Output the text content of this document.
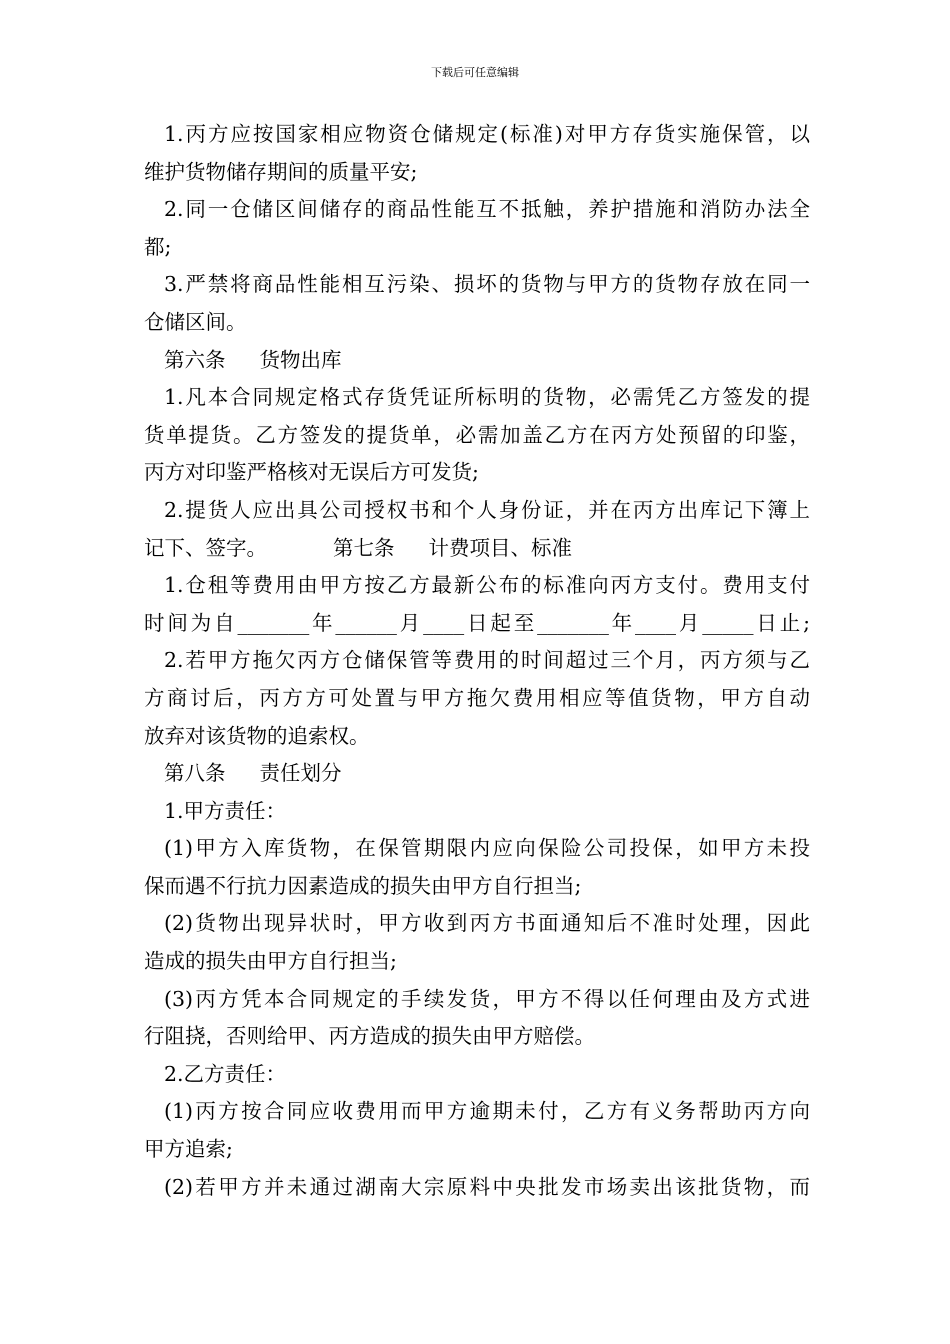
下载后可任意编辑
1.丙方应按国家相应物资仓储规定(标准)对甲方存货实施保管，以
维护货物储存期间的质量平安;
2.同一仓储区间储存的商品性能互不抵触，养护措施和消防办法全
都;
3.严禁将商品性能相互污染、损坏的货物与甲方的货物存放在同一
仓储区间。
第六条 货物出库
1.凡本合同规定格式存货凭证所标明的货物，必需凭乙方签发的提
货单提货。乙方签发的提货单，必需加盖乙方在丙方处预留的印鉴，
丙方对印鉴严格核对无误后方可发货;
2.提货人应出具公司授权书和个人身份证，并在丙方出库记下簿上
记下、签字。	第七条 计费项目、标准
1.仓租等费用由甲方按乙方最新公布的标准向丙方支付。费用支付
时间为自_______年______月____日起至_______年____月_____日止;
2.若甲方拖欠丙方仓储保管等费用的时间超过三个月，丙方须与乙
方商讨后，丙方方可处置与甲方拖欠费用相应等值货物，甲方自动
放弃对该货物的追索权。
第八条 责任划分
1.甲方责任：
(1)甲方入库货物，在保管期限内应向保险公司投保，如甲方未投
保而遇不行抗力因素造成的损失由甲方自行担当;
(2)货物出现异状时，甲方收到丙方书面通知后不准时处理，因此
造成的损失由甲方自行担当;
(3)丙方凭本合同规定的手续发货，甲方不得以任何理由及方式进
行阻挠，否则给甲、丙方造成的损失由甲方赔偿。
2.乙方责任：
(1)丙方按合同应收费用而甲方逾期未付，乙方有义务帮助丙方向
甲方追索;
(2)若甲方并未通过湖南大宗原料中央批发市场卖出该批货物，而
